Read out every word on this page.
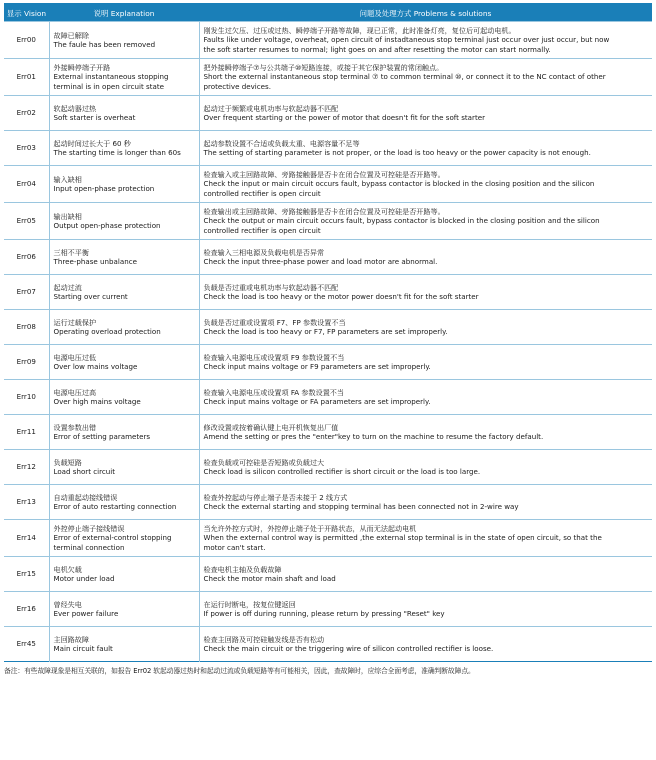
显示 Vision	说明 Explanation	问题及处理方式 Problems & solutions
Err00	故障已解除
The faule has been removed	刚发生过欠压、过压或过热、瞬停端子开路等故障，现已正常，此时准备灯亮，复位后可起动电机。
Faults like under voltage, overheat, open circuit of instadtaneous stop terminal just occur over just occur, but now
the soft starter resumes to normal; light goes on and after resetting the motor can start normally.

Err01	外接瞬停端子开路
External instantaneous stopping
terminal is in open circuit state	把外接瞬停端子⑦与公共端子⑩短路连接，或接于其它保护装置的常闭触点。
Short the external instantaneous stop terminal ⑦ to common terminal ⑩, or connect it to the NC contact of other
protective devices.

Err02	软起动器过热
Soft starter is overheat	起动过于频繁或电机功率与软起动器不匹配
Over frequent starting or the power of motor that doesn't fit for the soft starter

Err03	起动时间过长大于 60 秒
The starting time is longer than 60s	起动参数设置不合适或负载太重、电源容量不足等
The setting of starting parameter is not proper, or the load is too heavy or the power capacity is not enough.

Err04	输入缺相
Input open-phase protection	检查输入或主回路故障、旁路接触器是否卡在闭合位置及可控硅是否开路等。
Check the input or main circuit occurs fault, bypass contactor is blocked in the closing position and the silicon
controlled rectifier is open circuit

Err05	输出缺相
Output open-phase protection	检查输出或主回路故障、旁路接触器是否卡在闭合位置及可控硅是否开路等。
Check the output or main circuit occurs fault, bypass contactor is blocked in the closing position and the silicon
controlled rectifier is open circuit

Err06	三相不平衡
Three-phase unbalance	检查输入三相电源及负载电机是否异常
Check the input three-phase power and load motor are abnormal.

Err07	起动过流
Starting over current	负载是否过重或电机功率与软起动器不匹配
Check the load is too heavy or the motor power doesn't fit for the soft starter

Err08	运行过载保护
Operating overload protection	负载是否过重或设置项 F7、FP 参数设置不当
Check the load is too heavy or F7, FP parameters are set improperly.

Err09	电源电压过低
Over low mains voltage	检查输入电源电压或设置项 F9 参数设置不当
Check input mains voltage or F9 parameters are set improperly.

Err10	电源电压过高
Over high mains voltage	检查输入电源电压或设置项 FA 参数设置不当
Check input mains voltage or FA parameters are set improperly.

Err11	设置参数出错
Error of setting parameters	修改设置或按着确认键上电开机恢复出厂值
Amend the setting or pres the "enter"key to turn on the machine to resume the factory default.

Err12	负载短路
Load short circuit	检查负载或可控硅是否短路或负载过大
Check load is silicon controlled rectifier is short circuit or the load is too large.

Err13	自动重起动接线错误
Error of auto restarting connection	检查外控起动与停止端子是否未接于 2 线方式
Check the external starting and stopping terminal has been connected not in 2-wire way

Err14	外控停止端子接线错误
Error of external-control stopping
terminal connection	当允许外控方式时，外控停止端子处于开路状态，从而无法起动电机
When the external control way is permitted ,the external stop terminal is in the state of open circuit, so that the
motor can't start.

Err15	电机欠载
Motor under load	检查电机主轴及负载故障
Check the motor main shaft and load

Err16	曾经失电
Ever power failure	在运行时断电，按复位键返回
If power is off during running, please return by pressing "Reset" key

Err45	主回路故障
Main circuit fault	检查主回路及可控硅触发线是否有松动
Check the main circuit or the triggering wire of silicon controlled rectifier is loose.
备注：有些故障现象是相互关联的，如报告 Err02 软起动器过热时和起动过流或负载短路等有可能相关，因此，查故障时，应综合全面考虑，准确判断故障点。
